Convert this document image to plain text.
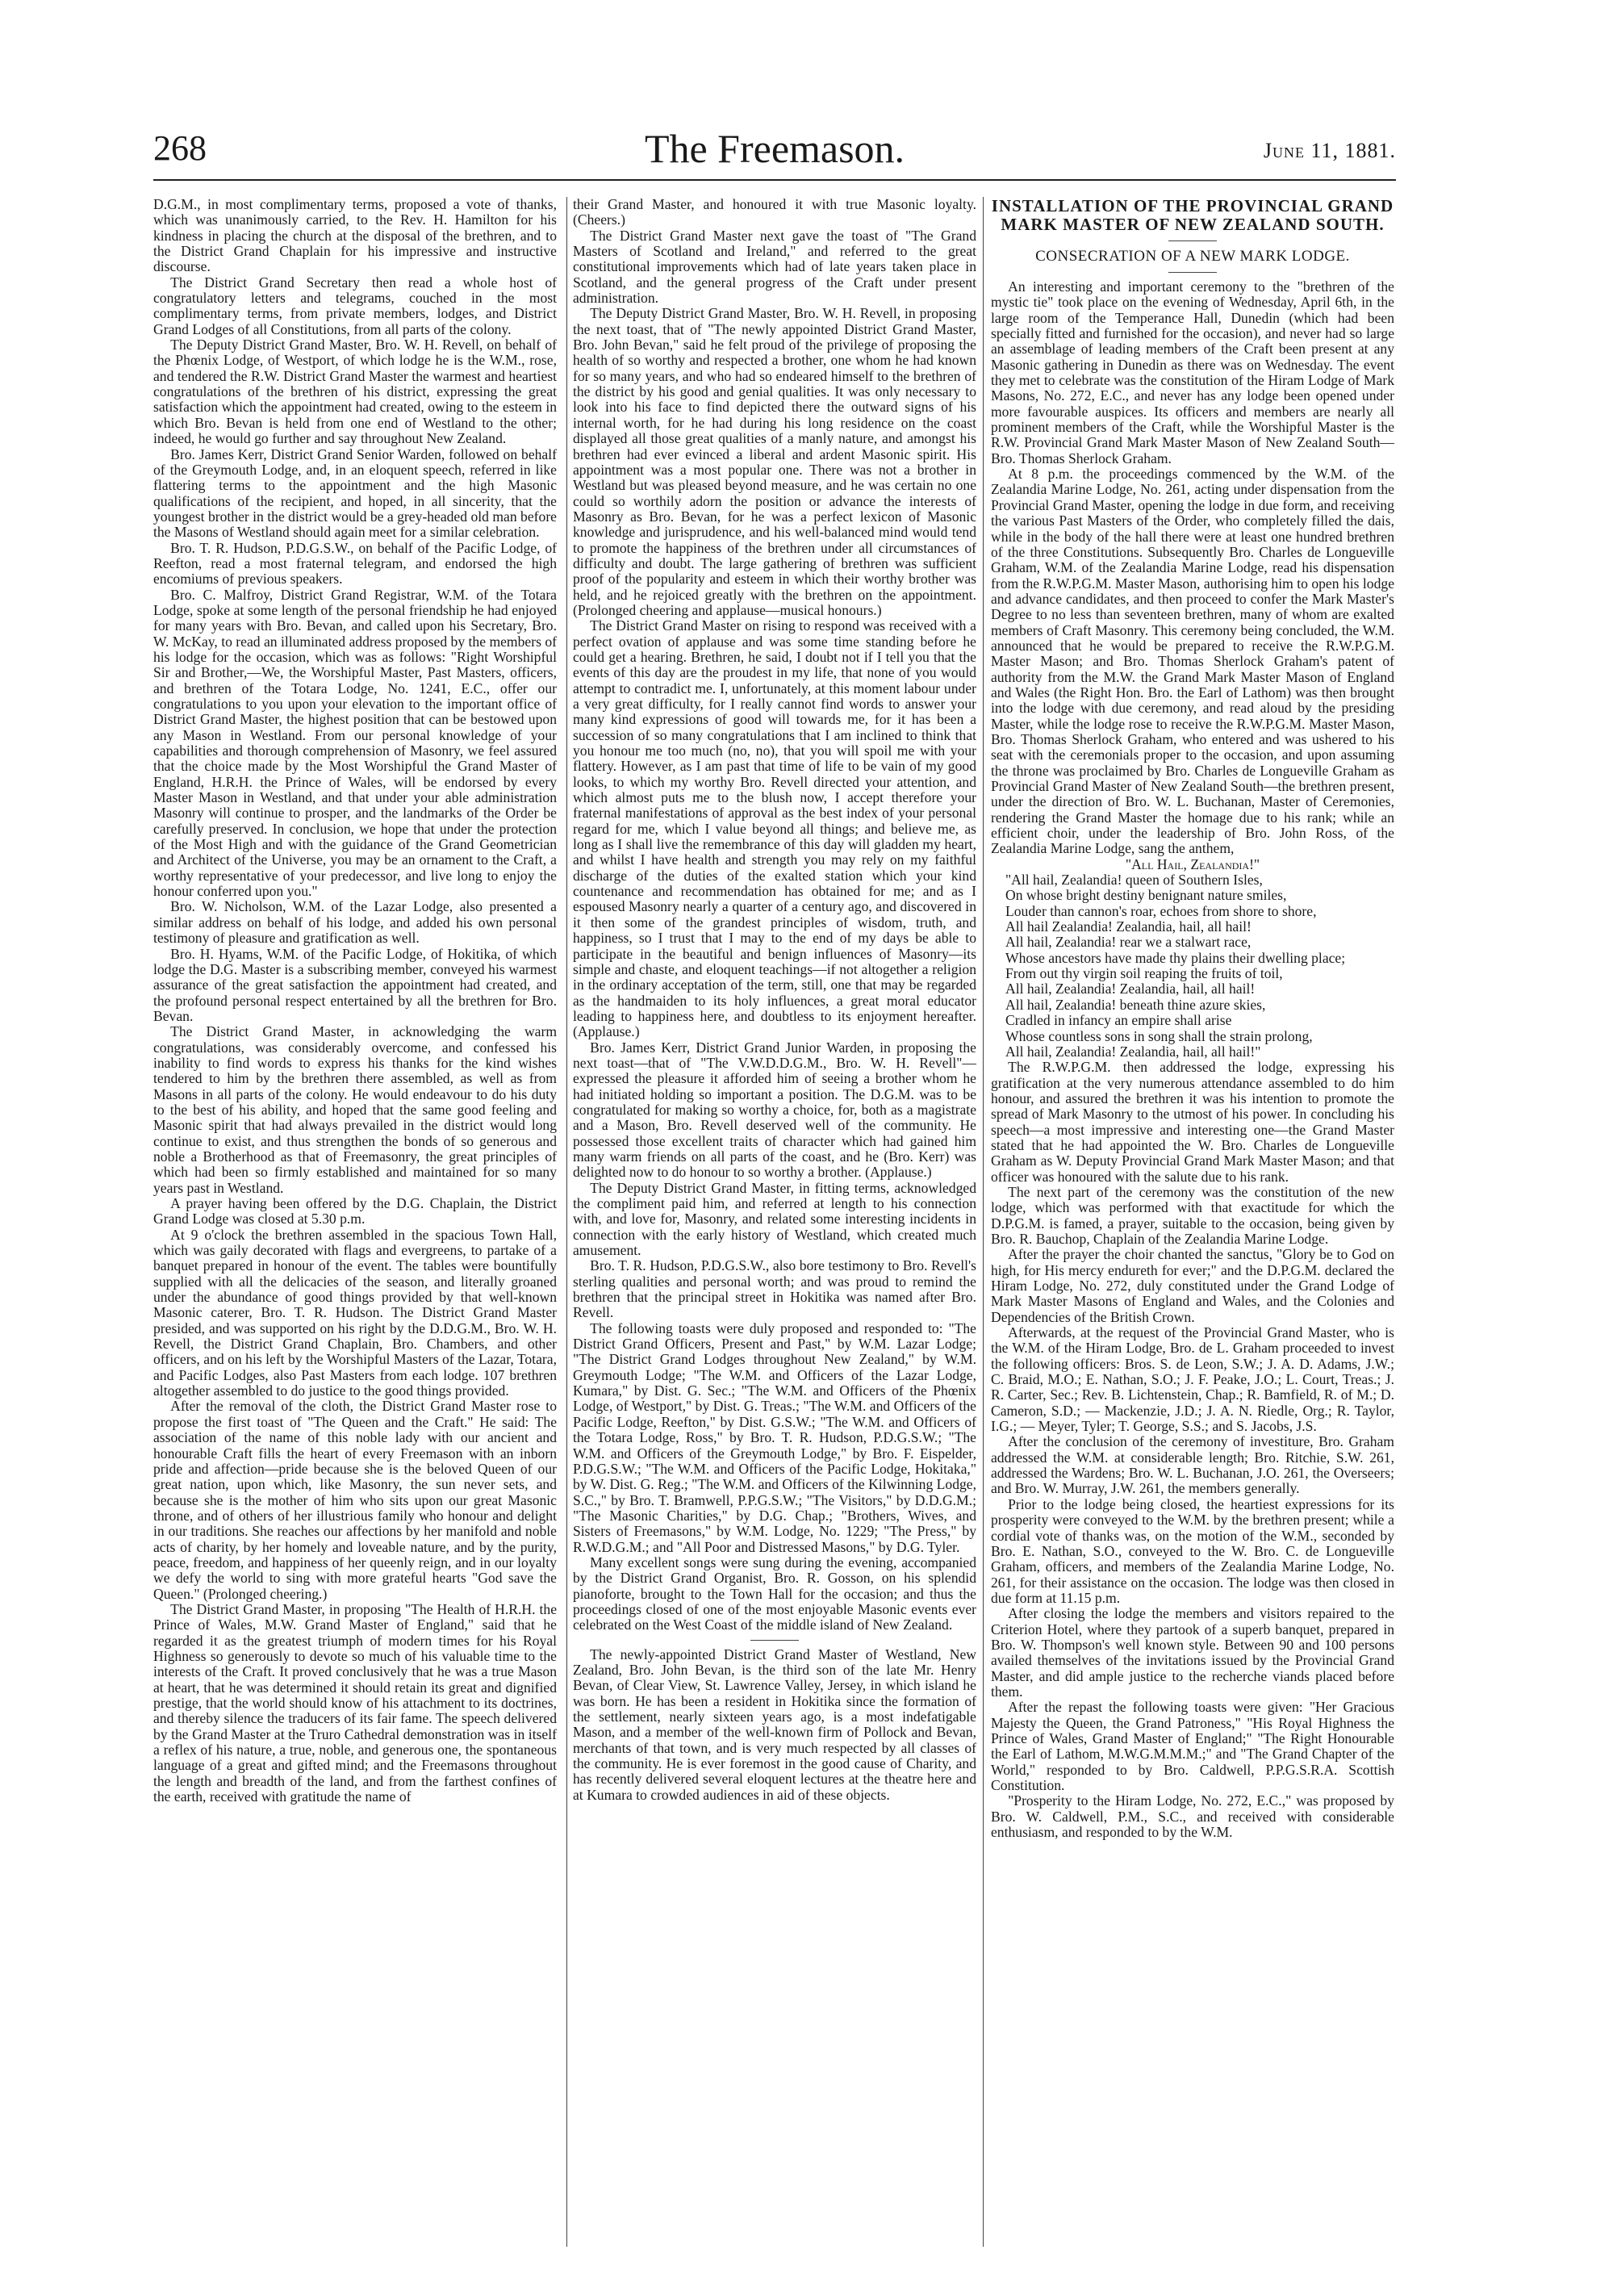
268	The Freemason.	June 11, 1881.

D.G.M., in most complimentary terms, proposed a vote of thanks, which was unanimously carried, to the Rev. H. Hamilton for his kindness in placing the church at the disposal of the brethren, and to the District Grand Chaplain for his impressive and instructive discourse.

The District Grand Secretary then read a whole host of congratulatory letters and telegrams, couched in the most complimentary terms, from private members, lodges, and District Grand Lodges of all Constitutions, from all parts of the colony.

The Deputy District Grand Master, Bro. W. H. Revell, on behalf of the Phœnix Lodge, of Westport, of which lodge he is the W.M., rose, and tendered the R.W. District Grand Master the warmest and heartiest congratulations of the brethren of his district, expressing the great satisfaction which the appointment had created, owing to the esteem in which Bro. Bevan is held from one end of Westland to the other; indeed, he would go further and say throughout New Zealand.

Bro. James Kerr, District Grand Senior Warden, followed on behalf of the Greymouth Lodge, and, in an eloquent speech, referred in like flattering terms to the appointment and the high Masonic qualifications of the recipient, and hoped, in all sincerity, that the youngest brother in the district would be a grey-headed old man before the Masons of Westland should again meet for a similar celebration.

Bro. T. R. Hudson, P.D.G.S.W., on behalf of the Pacific Lodge, of Reefton, read a most fraternal telegram, and endorsed the high encomiums of previous speakers.

Bro. C. Malfroy, District Grand Registrar, W.M. of the Totara Lodge, spoke at some length of the personal friendship he had enjoyed for many years with Bro. Bevan, and called upon his Secretary, Bro. W. McKay, to read an illuminated address proposed by the members of his lodge for the occasion, which was as follows: "Right Worshipful Sir and Brother,—We, the Worshipful Master, Past Masters, officers, and brethren of the Totara Lodge, No. 1241, E.C., offer our congratulations to you upon your elevation to the important office of District Grand Master, the highest position that can be bestowed upon any Mason in Westland. From our personal knowledge of your capabilities and thorough comprehension of Masonry, we feel assured that the choice made by the Most Worshipful the Grand Master of England, H.R.H. the Prince of Wales, will be endorsed by every Master Mason in Westland, and that under your able administration Masonry will continue to prosper, and the landmarks of the Order be carefully preserved. In conclusion, we hope that under the protection of the Most High and with the guidance of the Grand Geometrician and Architect of the Universe, you may be an ornament to the Craft, a worthy representative of your predecessor, and live long to enjoy the honour conferred upon you."

Bro. W. Nicholson, W.M. of the Lazar Lodge, also presented a similar address on behalf of his lodge, and added his own personal testimony of pleasure and gratification as well.

Bro. H. Hyams, W.M. of the Pacific Lodge, of Hokitika, of which lodge the D.G. Master is a subscribing member, conveyed his warmest assurance of the great satisfaction the appointment had created, and the profound personal respect entertained by all the brethren for Bro. Bevan.

The District Grand Master, in acknowledging the warm congratulations, was considerably overcome, and confessed his inability to find words to express his thanks for the kind wishes tendered to him by the brethren there assembled, as well as from Masons in all parts of the colony. He would endeavour to do his duty to the best of his ability, and hoped that the same good feeling and Masonic spirit that had always prevailed in the district would long continue to exist, and thus strengthen the bonds of so generous and noble a Brotherhood as that of Freemasonry, the great principles of which had been so firmly established and maintained for so many years past in Westland.

A prayer having been offered by the D.G. Chaplain, the District Grand Lodge was closed at 5.30 p.m.

At 9 o'clock the brethren assembled in the spacious Town Hall, which was gaily decorated with flags and evergreens, to partake of a banquet prepared in honour of the event. The tables were bountifully supplied with all the delicacies of the season, and literally groaned under the abundance of good things provided by that well-known Masonic caterer, Bro. T. R. Hudson. The District Grand Master presided, and was supported on his right by the D.D.G.M., Bro. W. H. Revell, the District Grand Chaplain, Bro. Chambers, and other officers, and on his left by the Worshipful Masters of the Lazar, Totara, and Pacific Lodges, also Past Masters from each lodge. 107 brethren altogether assembled to do justice to the good things provided.

After the removal of the cloth, the District Grand Master rose to propose the first toast of "The Queen and the Craft." He said: The association of the name of this noble lady with our ancient and honourable Craft fills the heart of every Freemason with an inborn pride and affection—pride because she is the beloved Queen of our great nation, upon which, like Masonry, the sun never sets, and because she is the mother of him who sits upon our great Masonic throne, and of others of her illustrious family who honour and delight in our traditions. She reaches our affections by her manifold and noble acts of charity, by her homely and loveable nature, and by the purity, peace, freedom, and happiness of her queenly reign, and in our loyalty we defy the world to sing with more grateful hearts "God save the Queen." (Prolonged cheering.)

The District Grand Master, in proposing "The Health of H.R.H. the Prince of Wales, M.W. Grand Master of England," said that he regarded it as the greatest triumph of modern times for his Royal Highness so generously to devote so much of his valuable time to the interests of the Craft. It proved conclusively that he was a true Mason at heart, that he was determined it should retain its great and dignified prestige, that the world should know of his attachment to its doctrines, and thereby silence the traducers of its fair fame. The speech delivered by the Grand Master at the Truro Cathedral demonstration was in itself a reflex of his nature, a true, noble, and generous one, the spontaneous language of a great and gifted mind; and the Freemasons throughout the length and breadth of the land, and from the farthest confines of the earth, received with gratitude the name of

their Grand Master, and honoured it with true Masonic loyalty. (Cheers.)

The District Grand Master next gave the toast of "The Grand Masters of Scotland and Ireland," and referred to the great constitutional improvements which had of late years taken place in Scotland, and the general progress of the Craft under present administration.

The Deputy District Grand Master, Bro. W. H. Revell, in proposing the next toast, that of "The newly appointed District Grand Master, Bro. John Bevan," said he felt proud of the privilege of proposing the health of so worthy and respected a brother, one whom he had known for so many years, and who had so endeared himself to the brethren of the district by his good and genial qualities. It was only necessary to look into his face to find depicted there the outward signs of his internal worth, for he had during his long residence on the coast displayed all those great qualities of a manly nature, and amongst his brethren had ever evinced a liberal and ardent Masonic spirit. His appointment was a most popular one. There was not a brother in Westland but was pleased beyond measure, and he was certain no one could so worthily adorn the position or advance the interests of Masonry as Bro. Bevan, for he was a perfect lexicon of Masonic knowledge and jurisprudence, and his well-balanced mind would tend to promote the happiness of the brethren under all circumstances of difficulty and doubt. The large gathering of brethren was sufficient proof of the popularity and esteem in which their worthy brother was held, and he rejoiced greatly with the brethren on the appointment. (Prolonged cheering and applause—musical honours.)

The District Grand Master on rising to respond was received with a perfect ovation of applause and was some time standing before he could get a hearing. Brethren, he said, I doubt not if I tell you that the events of this day are the proudest in my life, that none of you would attempt to contradict me. I, unfortunately, at this moment labour under a very great difficulty, for I really cannot find words to answer your many kind expressions of good will towards me, for it has been a succession of so many congratulations that I am inclined to think that you honour me too much (no, no), that you will spoil me with your flattery. However, as I am past that time of life to be vain of my good looks, to which my worthy Bro. Revell directed your attention, and which almost puts me to the blush now, I accept therefore your fraternal manifestations of approval as the best index of your personal regard for me, which I value beyond all things; and believe me, as long as I shall live the remembrance of this day will gladden my heart, and whilst I have health and strength you may rely on my faithful discharge of the duties of the exalted station which your kind countenance and recommendation has obtained for me; and as I espoused Masonry nearly a quarter of a century ago, and discovered in it then some of the grandest principles of wisdom, truth, and happiness, so I trust that I may to the end of my days be able to participate in the beautiful and benign influences of Masonry—its simple and chaste, and eloquent teachings—if not altogether a religion in the ordinary acceptation of the term, still, one that may be regarded as the handmaiden to its holy influences, a great moral educator leading to happiness here, and doubtless to its enjoyment hereafter. (Applause.)

Bro. James Kerr, District Grand Junior Warden, in proposing the next toast—that of "The V.W.D.D.G.M., Bro. W. H. Revell"—expressed the pleasure it afforded him of seeing a brother whom he had initiated holding so important a position. The D.G.M. was to be congratulated for making so worthy a choice, for, both as a magistrate and a Mason, Bro. Revell deserved well of the community. He possessed those excellent traits of character which had gained him many warm friends on all parts of the coast, and he (Bro. Kerr) was delighted now to do honour to so worthy a brother. (Applause.)

The Deputy District Grand Master, in fitting terms, acknowledged the compliment paid him, and referred at length to his connection with, and love for, Masonry, and related some interesting incidents in connection with the early history of Westland, which created much amusement.

Bro. T. R. Hudson, P.D.G.S.W., also bore testimony to Bro. Revell's sterling qualities and personal worth; and was proud to remind the brethren that the principal street in Hokitika was named after Bro. Revell.

The following toasts were duly proposed and responded to: "The District Grand Officers, Present and Past," by W.M. Lazar Lodge; "The District Grand Lodges throughout New Zealand," by W.M. Greymouth Lodge; "The W.M. and Officers of the Lazar Lodge, Kumara," by Dist. G. Sec.; "The W.M. and Officers of the Phœnix Lodge, of Westport," by Dist. G. Treas.; "The W.M. and Officers of the Pacific Lodge, Reefton," by Dist. G.S.W.; "The W.M. and Officers of the Totara Lodge, Ross," by Bro. T. R. Hudson, P.D.G.S.W.; "The W.M. and Officers of the Greymouth Lodge," by Bro. F. Eispelder, P.D.G.S.W.; "The W.M. and Officers of the Pacific Lodge, Hokitaka," by W. Dist. G. Reg.; "The W.M. and Officers of the Kilwinning Lodge, S.C.," by Bro. T. Bramwell, P.P.G.S.W.; "The Visitors," by D.D.G.M.; "The Masonic Charities," by D.G. Chap.; "Brothers, Wives, and Sisters of Freemasons," by W.M. Lodge, No. 1229; "The Press," by R.W.D.G.M.; and "All Poor and Distressed Masons," by D.G. Tyler.

Many excellent songs were sung during the evening, accompanied by the District Grand Organist, Bro. R. Gosson, on his splendid pianoforte, brought to the Town Hall for the occasion; and thus the proceedings closed of one of the most enjoyable Masonic events ever celebrated on the West Coast of the middle island of New Zealand.

The newly-appointed District Grand Master of Westland, New Zealand, Bro. John Bevan, is the third son of the late Mr. Henry Bevan, of Clear View, St. Lawrence Valley, Jersey, in which island he was born. He has been a resident in Hokitika since the formation of the settlement, nearly sixteen years ago, is a most indefatigable Mason, and a member of the well-known firm of Pollock and Bevan, merchants of that town, and is very much respected by all classes of the community. He is ever foremost in the good cause of Charity, and has recently delivered several eloquent lectures at the theatre here and at Kumara to crowded audiences in aid of these objects.

INSTALLATION OF THE PROVINCIAL GRAND MARK MASTER OF NEW ZEALAND SOUTH.

CONSECRATION OF A NEW MARK LODGE.

An interesting and important ceremony to the "brethren of the mystic tie" took place on the evening of Wednesday, April 6th, in the large room of the Temperance Hall, Dunedin (which had been specially fitted and furnished for the occasion), and never had so large an assemblage of leading members of the Craft been present at any Masonic gathering in Dunedin as there was on Wednesday. The event they met to celebrate was the constitution of the Hiram Lodge of Mark Masons, No. 272, E.C., and never has any lodge been opened under more favourable auspices. Its officers and members are nearly all prominent members of the Craft, while the Worshipful Master is the R.W. Provincial Grand Mark Master Mason of New Zealand South—Bro. Thomas Sherlock Graham.

At 8 p.m. the proceedings commenced by the W.M. of the Zealandia Marine Lodge, No. 261, acting under dispensation from the Provincial Grand Master, opening the lodge in due form, and receiving the various Past Masters of the Order, who completely filled the dais, while in the body of the hall there were at least one hundred brethren of the three Constitutions. Subsequently Bro. Charles de Longueville Graham, W.M. of the Zealandia Marine Lodge, read his dispensation from the R.W.P.G.M. Master Mason, authorising him to open his lodge and advance candidates, and then proceed to confer the Mark Master's Degree to no less than seventeen brethren, many of whom are exalted members of Craft Masonry. This ceremony being concluded, the W.M. announced that he would be prepared to receive the R.W.P.G.M. Master Mason; and Bro. Thomas Sherlock Graham's patent of authority from the M.W. the Grand Mark Master Mason of England and Wales (the Right Hon. Bro. the Earl of Lathom) was then brought into the lodge with due ceremony, and read aloud by the presiding Master, while the lodge rose to receive the R.W.P.G.M. Master Mason, Bro. Thomas Sherlock Graham, who entered and was ushered to his seat with the ceremonials proper to the occasion, and upon assuming the throne was proclaimed by Bro. Charles de Longueville Graham as Provincial Grand Master of New Zealand South—the brethren present, under the direction of Bro. W. L. Buchanan, Master of Ceremonies, rendering the Grand Master the homage due to his rank; while an efficient choir, under the leadership of Bro. John Ross, of the Zealandia Marine Lodge, sang the anthem,

"All Hail, Zealandia!"

"All hail, Zealandia! queen of Southern Isles,
On whose bright destiny benignant nature smiles,
Louder than cannon's roar, echoes from shore to shore,
All hail Zealandia! Zealandia, hail, all hail!
All hail, Zealandia! rear we a stalwart race,
Whose ancestors have made thy plains their dwelling place;
From out thy virgin soil reaping the fruits of toil,
All hail, Zealandia! Zealandia, hail, all hail!
All hail, Zealandia! beneath thine azure skies,
Cradled in infancy an empire shall arise
Whose countless sons in song shall the strain prolong,
All hail, Zealandia! Zealandia, hail, all hail!"

The R.W.P.G.M. then addressed the lodge, expressing his gratification at the very numerous attendance assembled to do him honour, and assured the brethren it was his intention to promote the spread of Mark Masonry to the utmost of his power. In concluding his speech—a most impressive and interesting one—the Grand Master stated that he had appointed the W. Bro. Charles de Longueville Graham as W. Deputy Provincial Grand Mark Master Mason; and that officer was honoured with the salute due to his rank.

The next part of the ceremony was the constitution of the new lodge, which was performed with that exactitude for which the D.P.G.M. is famed, a prayer, suitable to the occasion, being given by Bro. R. Bauchop, Chaplain of the Zealandia Marine Lodge.

After the prayer the choir chanted the sanctus, "Glory be to God on high, for His mercy endureth for ever;" and the D.P.G.M. declared the Hiram Lodge, No. 272, duly constituted under the Grand Lodge of Mark Master Masons of England and Wales, and the Colonies and Dependencies of the British Crown.

Afterwards, at the request of the Provincial Grand Master, who is the W.M. of the Hiram Lodge, Bro. de L. Graham proceeded to invest the following officers: Bros. S. de Leon, S.W.; J. A. D. Adams, J.W.; C. Braid, M.O.; E. Nathan, S.O.; J. F. Peake, J.O.; L. Court, Treas.; J. R. Carter, Sec.; Rev. B. Lichtenstein, Chap.; R. Bamfield, R. of M.; D. Cameron, S.D.; — Mackenzie, J.D.; J. A. N. Riedle, Org.; R. Taylor, I.G.; — Meyer, Tyler; T. George, S.S.; and S. Jacobs, J.S.

After the conclusion of the ceremony of investiture, Bro. Graham addressed the W.M. at considerable length; Bro. Ritchie, S.W. 261, addressed the Wardens; Bro. W. L. Buchanan, J.O. 261, the Overseers; and Bro. W. Murray, J.W. 261, the members generally.

Prior to the lodge being closed, the heartiest expressions for its prosperity were conveyed to the W.M. by the brethren present; while a cordial vote of thanks was, on the motion of the W.M., seconded by Bro. E. Nathan, S.O., conveyed to the W. Bro. C. de Longueville Graham, officers, and members of the Zealandia Marine Lodge, No. 261, for their assistance on the occasion. The lodge was then closed in due form at 11.15 p.m.

After closing the lodge the members and visitors repaired to the Criterion Hotel, where they partook of a superb banquet, prepared in Bro. W. Thompson's well known style. Between 90 and 100 persons availed themselves of the invitations issued by the Provincial Grand Master, and did ample justice to the recherche viands placed before them.

After the repast the following toasts were given: "Her Gracious Majesty the Queen, the Grand Patroness," "His Royal Highness the Prince of Wales, Grand Master of England;" "The Right Honourable the Earl of Lathom, M.W.G.M.M.M.;" and "The Grand Chapter of the World," responded to by Bro. Caldwell, P.P.G.S.R.A. Scottish Constitution.

"Prosperity to the Hiram Lodge, No. 272, E.C.," was proposed by Bro. W. Caldwell, P.M., S.C., and received with considerable enthusiasm, and responded to by the W.M.
